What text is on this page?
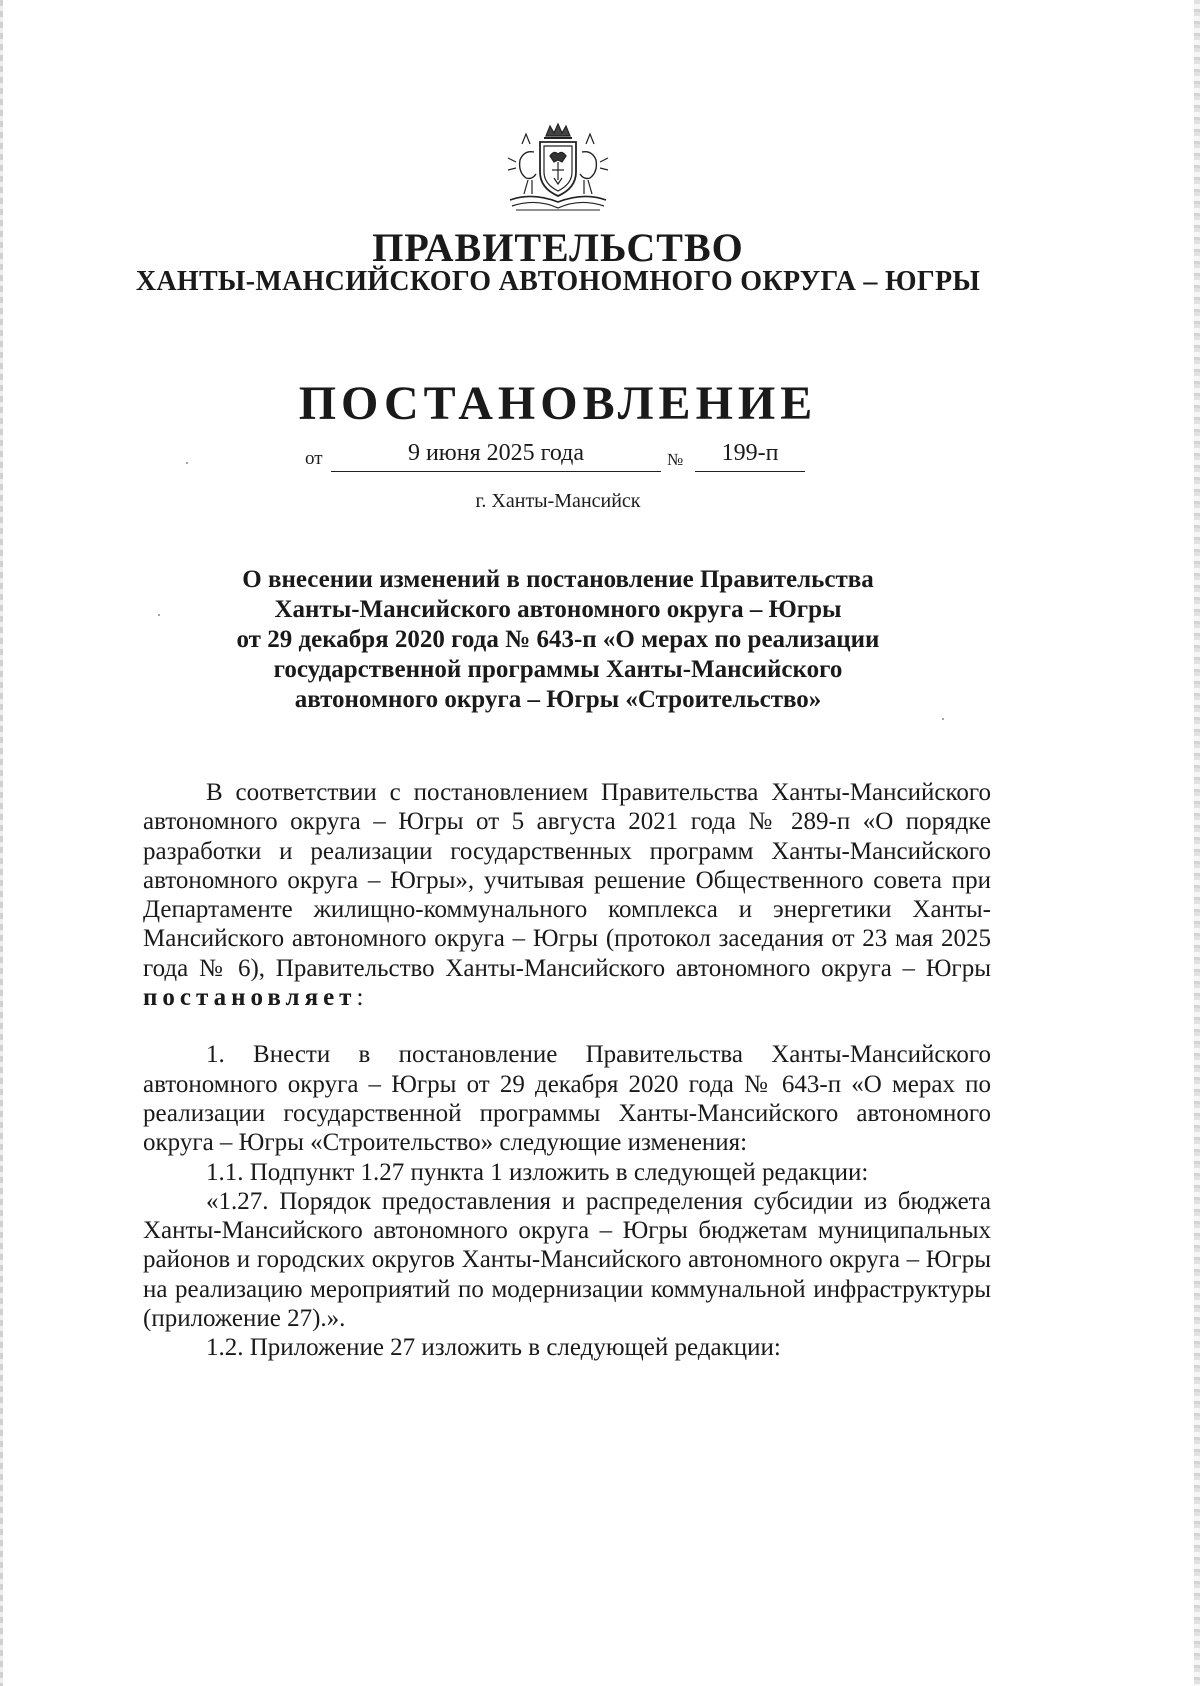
ПРАВИТЕЛЬСТВО
ХАНТЫ-МАНСИЙСКОГО АВТОНОМНОГО ОКРУГА – ЮГРЫ
ПОСТАНОВЛЕНИЕ
от	9 июня 2025 года	№	199-п
г. Ханты-Мансийск
О внесении изменений в постановление Правительства
Ханты-Мансийского автономного округа – Югры
от 29 декабря 2020 года № 643-п «О мерах по реализации
государственной программы Ханты-Мансийского
автономного округа – Югры «Строительство»

В соответствии с постановлением Правительства Ханты-Мансийского автономного округа – Югры от 5 августа 2021 года № 289-п «О порядке разработки и реализации государственных программ Ханты-Мансийского автономного округа – Югры», учитывая решение Общественного совета при Департаменте жилищно-коммунального комплекса и энергетики Ханты-Мансийского автономного округа – Югры (протокол заседания от 23 мая 2025 года № 6), Правительство Ханты-Мансийского автономного округа – Югры постановляет:

1. Внести в постановление Правительства Ханты-Мансийского автономного округа – Югры от 29 декабря 2020 года № 643-п «О мерах по реализации государственной программы Ханты-Мансийского автономного округа – Югры «Строительство» следующие изменения:

1.1. Подпункт 1.27 пункта 1 изложить в следующей редакции:

«1.27. Порядок предоставления и распределения субсидии из бюджета Ханты-Мансийского автономного округа – Югры бюджетам муниципальных районов и городских округов Ханты-Мансийского автономного округа – Югры на реализацию мероприятий по модернизации коммунальной инфраструктуры (приложение 27).».

1.2. Приложение 27 изложить в следующей редакции:
